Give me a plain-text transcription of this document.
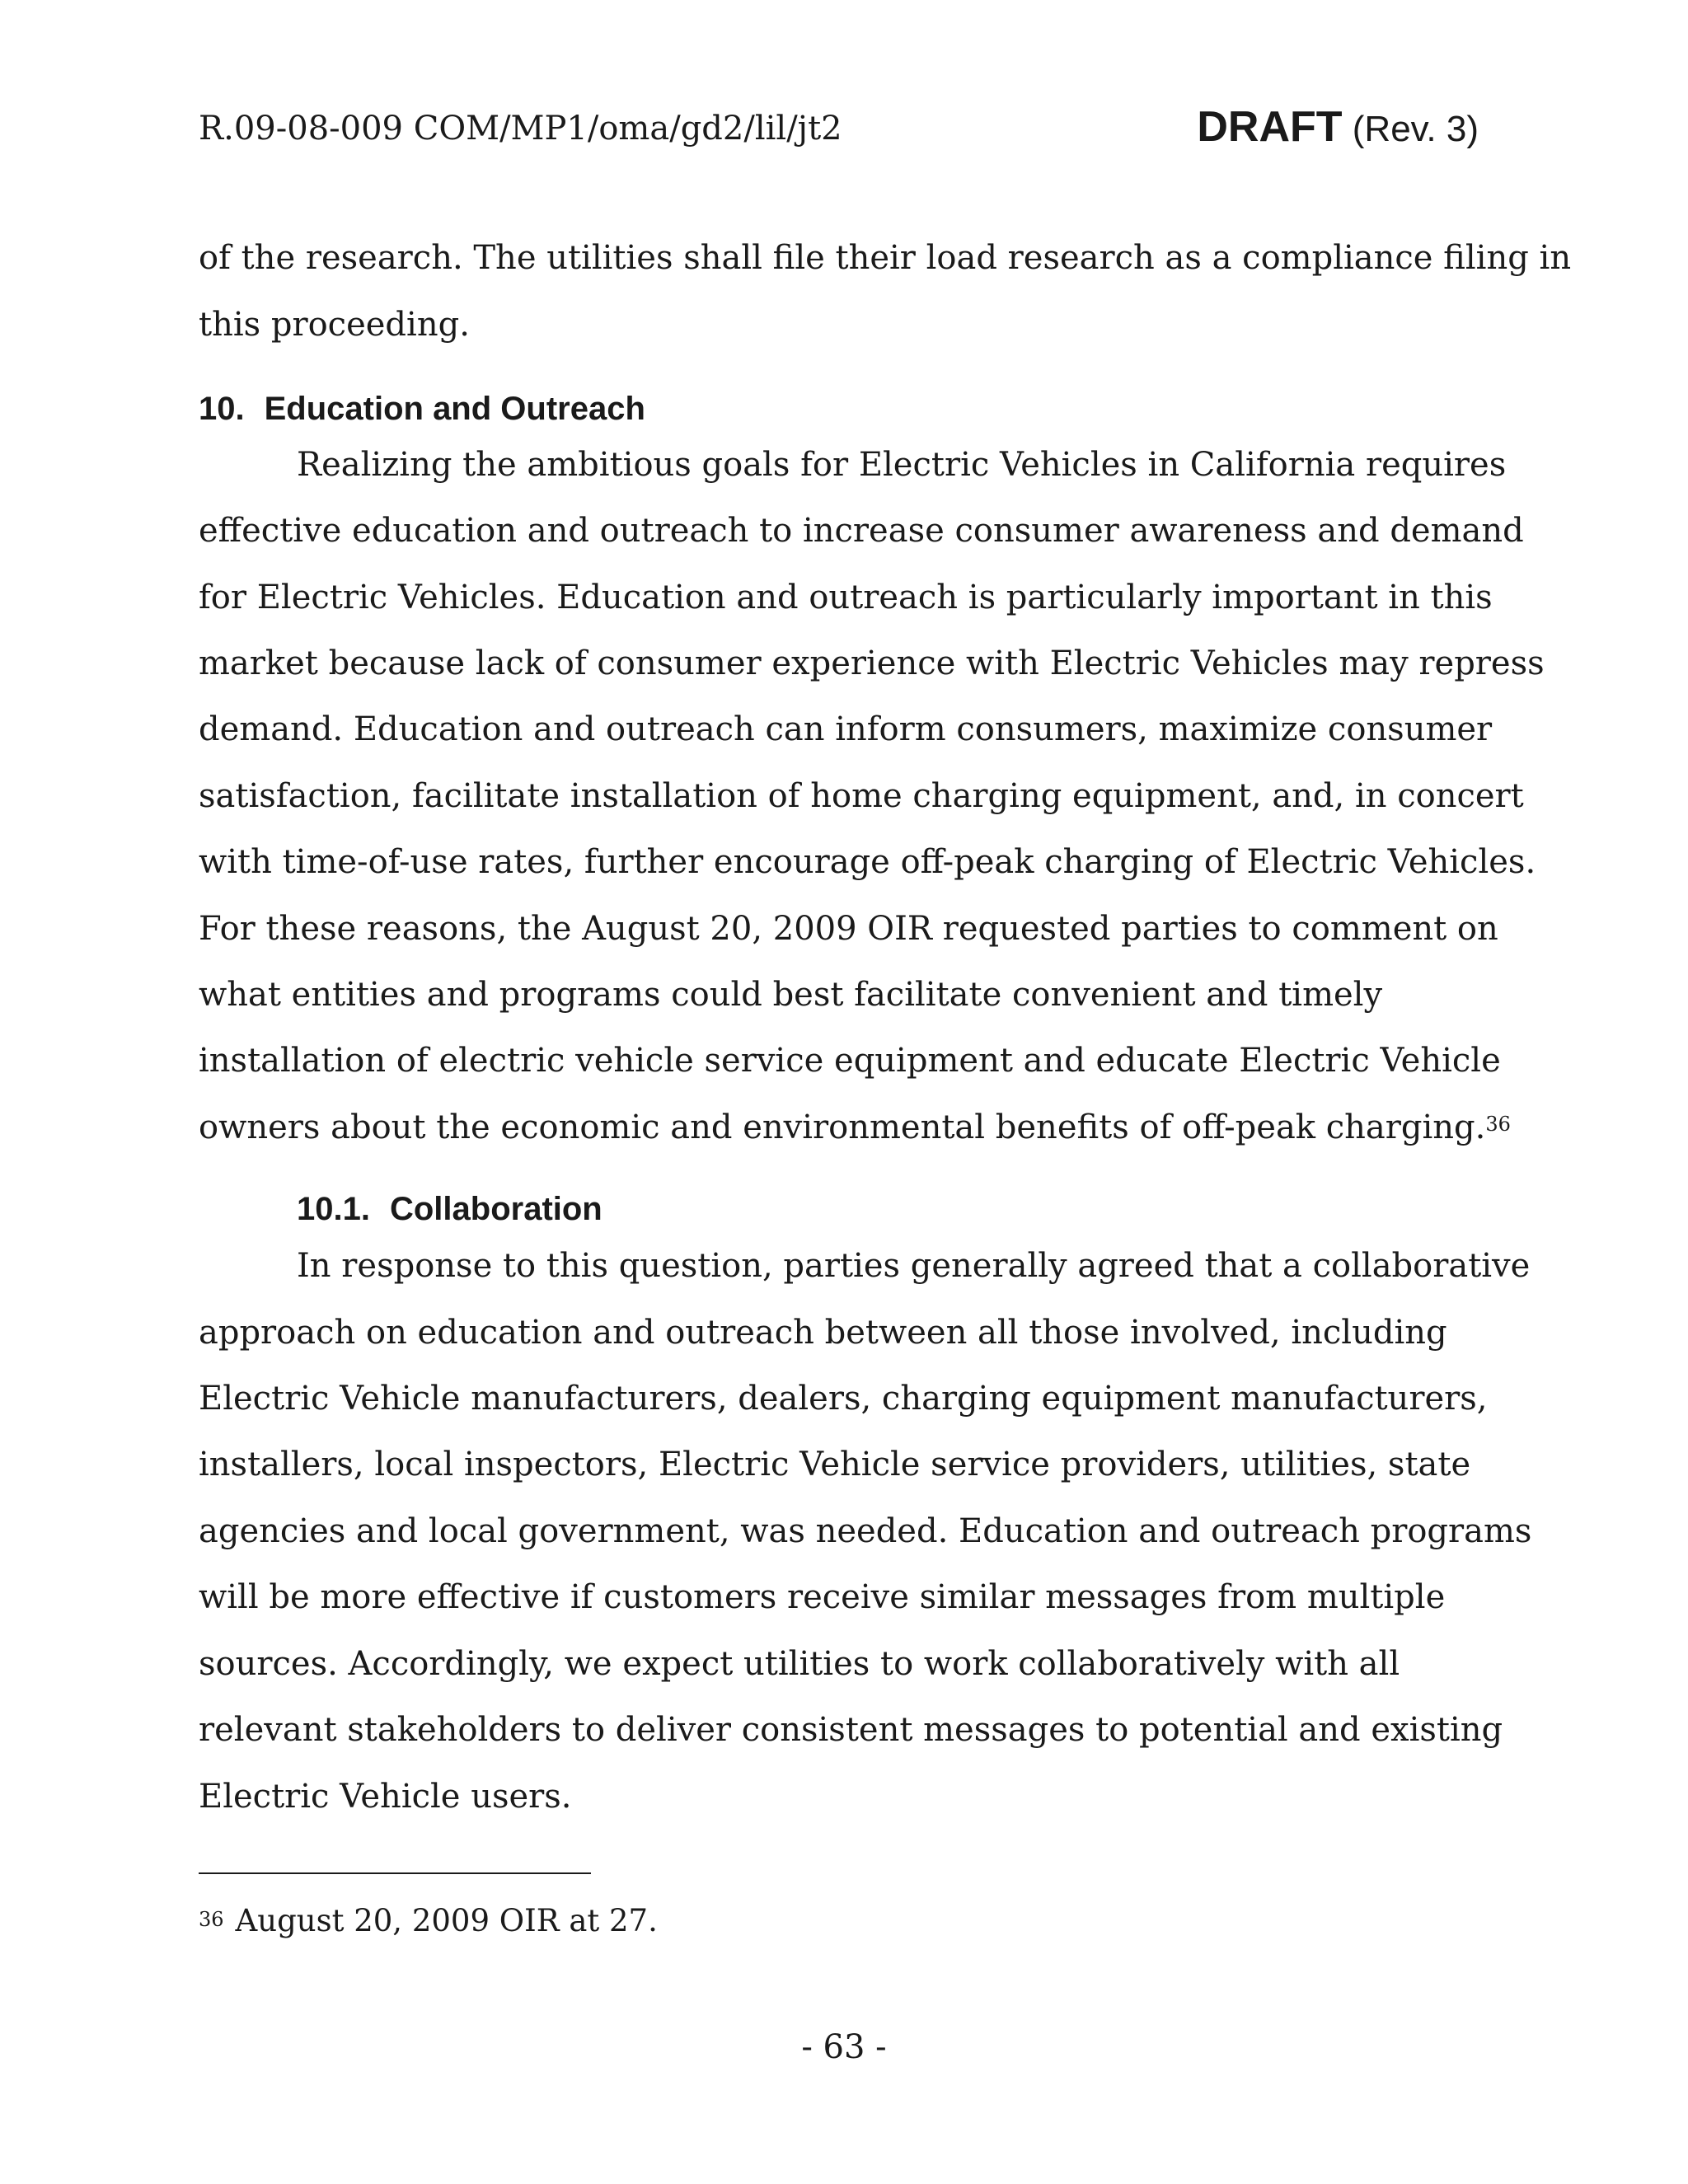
R.09-08-009 COM/MP1/oma/gd2/lil/jt2	DRAFT (Rev. 3)
of the research. The utilities shall file their load research as a compliance filing in
this proceeding.
10. Education and Outreach
Realizing the ambitious goals for Electric Vehicles in California requires
effective education and outreach to increase consumer awareness and demand
for Electric Vehicles. Education and outreach is particularly important in this
market because lack of consumer experience with Electric Vehicles may repress
demand. Education and outreach can inform consumers, maximize consumer
satisfaction, facilitate installation of home charging equipment, and, in concert
with time-of-use rates, further encourage off-peak charging of Electric Vehicles.
For these reasons, the August 20, 2009 OIR requested parties to comment on
what entities and programs could best facilitate convenient and timely
installation of electric vehicle service equipment and educate Electric Vehicle
owners about the economic and environmental benefits of off-peak charging.$^{36}$
10.1. Collaboration
In response to this question, parties generally agreed that a collaborative
approach on education and outreach between all those involved, including
Electric Vehicle manufacturers, dealers, charging equipment manufacturers,
installers, local inspectors, Electric Vehicle service providers, utilities, state
agencies and local government, was needed. Education and outreach programs
will be more effective if customers receive similar messages from multiple
sources. Accordingly, we expect utilities to work collaboratively with all
relevant stakeholders to deliver consistent messages to potential and existing
Electric Vehicle users.
$^{36}$ August 20, 2009 OIR at 27.
- 63 -
